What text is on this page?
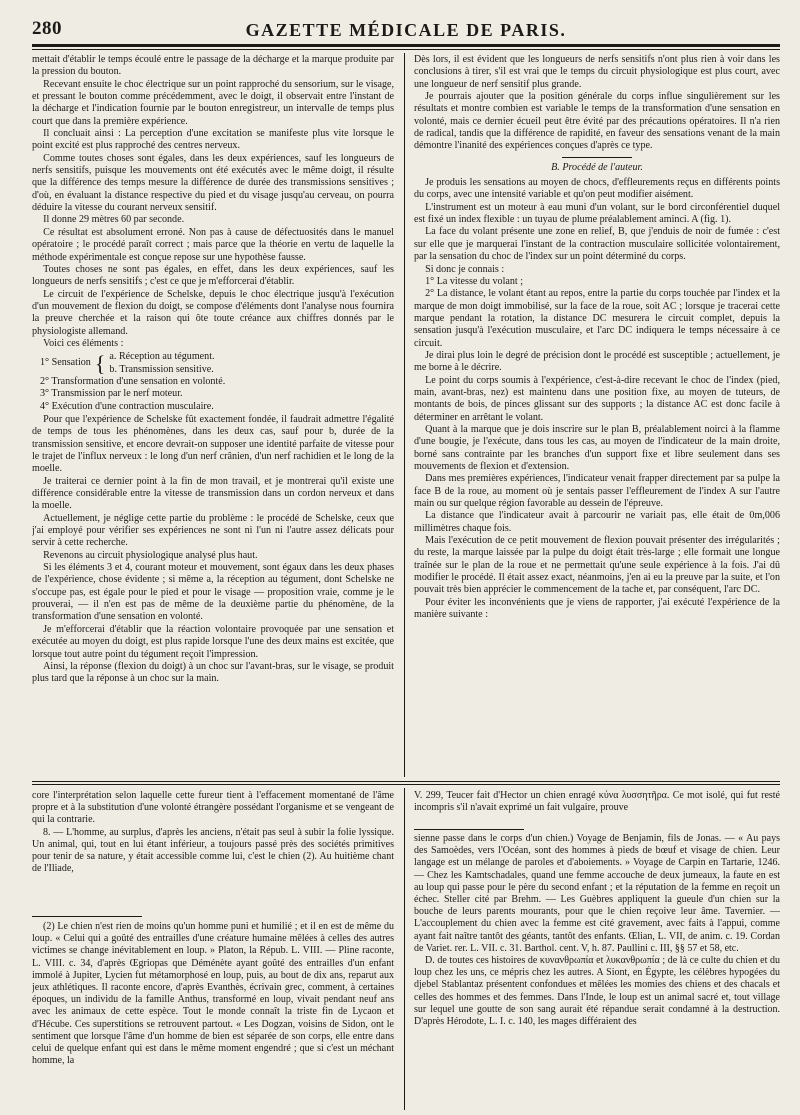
280	GAZETTE MÉDICALE DE PARIS.

mettait d'établir le temps écoulé entre le passage de la décharge et la marque produite par la pression du bouton.

Recevant ensuite le choc électrique sur un point rapproché du sensorium, sur le visage, et pressant le bouton comme précédemment, avec le doigt, il observait entre l'instant de la décharge et l'indication fournie par le bouton enregistreur, un intervalle de temps plus court que dans la première expérience.

Il concluait ainsi : La perception d'une excitation se manifeste plus vite lorsque le point excité est plus rapproché des centres nerveux.

Comme toutes choses sont égales, dans les deux expériences, sauf les longueurs de nerfs sensitifs, puisque les mouvements ont été exécutés avec le même doigt, il résulte que la différence des temps mesure la différence de durée des transmissions sensitives ; d'où, en évaluant la distance respective du pied et du visage jusqu'au cerveau, on pourra déduire la vitesse du courant nerveux sensitif.

Il donne 29 mètres 60 par seconde.

Ce résultat est absolument erroné. Non pas à cause de défectuosités dans le manuel opératoire ; le procédé paraît correct ; mais parce que la théorie en vertu de laquelle la méthode expérimentale est conçue repose sur une hypothèse fausse.

Toutes choses ne sont pas égales, en effet, dans les deux expériences, sauf les longueurs de nerfs sensitifs ; c'est ce que je m'efforcerai d'établir.

Le circuit de l'expérience de Schelske, depuis le choc électrique jusqu'à l'exécution d'un mouvement de flexion du doigt, se compose d'éléments dont l'analyse nous fournira la preuve cherchée et la raison qui ôte toute créance aux chiffres donnés par le physiologiste allemand.

Voici ces éléments :

1° Sensation { a. Réception au tégument.
b. Transmission sensitive.
2° Transformation d'une sensation en volonté.
3° Transmission par le nerf moteur.
4° Exécution d'une contraction musculaire.

Pour que l'expérience de Schelske fût exactement fondée, il faudrait admettre l'égalité de temps de tous les phénomènes, dans les deux cas, sauf pour b, durée de la transmission sensitive, et encore devrait-on supposer une identité parfaite de vitesse pour le trajet de l'influx nerveux : le long d'un nerf crânien, d'un nerf rachidien et le long de la moelle.

Je traiterai ce dernier point à la fin de mon travail, et je montrerai qu'il existe une différence considérable entre la vitesse de transmission dans un cordon nerveux et dans la moelle.

Actuellement, je néglige cette partie du problème : le procédé de Schelske, ceux que j'ai employé pour vérifier ses expériences ne sont ni l'un ni l'autre assez délicats pour servir à cette recherche.

Revenons au circuit physiologique analysé plus haut.

Si les éléments 3 et 4, courant moteur et mouvement, sont égaux dans les deux phases de l'expérience, chose évidente ; si même a, la réception au tégument, dont Schelske ne s'occupe pas, est égale pour le pied et pour le visage — proposition vraie, comme je le prouverai, — il n'en est pas de même de la deuxième partie du phénomène, de la transformation d'une sensation en volonté.

Je m'efforcerai d'établir que la réaction volontaire provoquée par une sensation et exécutée au moyen du doigt, est plus rapide lorsque l'une des deux mains est excitée, que lorsque tout autre point du tégument reçoit l'impression.

Ainsi, la réponse (flexion du doigt) à un choc sur l'avant-bras, sur le visage, se produit plus tard que la réponse à un choc sur la main.

Dès lors, il est évident que les longueurs de nerfs sensitifs n'ont plus rien à voir dans les conclusions à tirer, s'il est vrai que le temps du circuit physiologique est plus court, avec une longueur de nerf sensitif plus grande.

Je pourrais ajouter que la position générale du corps influe singulièrement sur les résultats et montre combien est variable le temps de la transformation d'une sensation en volonté, mais ce dernier écueil peut être évité par des précautions opératoires. Il n'a rien de radical, tandis que la différence de rapidité, en faveur des sensations venant de la main démontre l'inanité des expériences conçues d'après ce type.

B. Procédé de l'auteur.

Je produis les sensations au moyen de chocs, d'effleurements reçus en différents points du corps, avec une intensité variable et qu'on peut modifier aisément.

L'instrument est un moteur à eau muni d'un volant, sur le bord circonférentiel duquel est fixé un index flexible : un tuyau de plume préalablement aminci. A (fig. 1).

La face du volant présente une zone en relief, B, que j'enduis de noir de fumée : c'est sur elle que je marquerai l'instant de la contraction musculaire sollicitée volontairement, par la sensation du choc de l'index sur un point déterminé du corps.

Si donc je connais :

1° La vitesse du volant ;

2° La distance, le volant étant au repos, entre la partie du corps touchée par l'index et la marque de mon doigt immobilisé, sur la face de la roue, soit AC ; lorsque je tracerai cette marque pendant la rotation, la distance DC mesurera le circuit complet, depuis la sensation jusqu'à l'exécution musculaire, et l'arc DC indiquera le temps nécessaire à ce circuit.

Je dirai plus loin le degré de précision dont le procédé est susceptible ; actuellement, je me borne à le décrire.

Le point du corps soumis à l'expérience, c'est-à-dire recevant le choc de l'index (pied, main, avant-bras, nez) est maintenu dans une position fixe, au moyen de tuteurs, de montants de bois, de pinces glissant sur des supports ; la distance AC est donc facile à déterminer en arrêtant le volant.

Quant à la marque que je dois inscrire sur le plan B, préalablement noirci à la flamme d'une bougie, je l'exécute, dans tous les cas, au moyen de l'indicateur de la main droite, borné sans contrainte par les branches d'un support fixe et libre seulement dans ses mouvements de flexion et d'extension.

Dans mes premières expériences, l'indicateur venait frapper directement par sa pulpe la face B de la roue, au moment où je sentais passer l'effleurement de l'index A sur l'autre main ou sur quelque région favorable au dessein de l'épreuve.

La distance que l'indicateur avait à parcourir ne variait pas, elle était de 0m,006 millimètres chaque fois.

Mais l'exécution de ce petit mouvement de flexion pouvait présenter des irrégularités ; du reste, la marque laissée par la pulpe du doigt était très-large ; elle formait une longue traînée sur le plan de la roue et ne permettait qu'une seule expérience à la fois. J'ai dû modifier le procédé. Il était assez exact, néanmoins, j'en ai eu la preuve par la suite, et l'on pouvait très bien apprécier le commencement de la tache et, par conséquent, l'arc DC.

Pour éviter les inconvénients que je viens de rapporter, j'ai exécuté l'expérience de la manière suivante :

core l'interprétation selon laquelle cette fureur tient à l'effacement momentané de l'âme propre et à la substitution d'une volonté étrangère possédant l'organisme et se vengeant de qui la contrarie.

8. — L'homme, au surplus, d'après les anciens, n'était pas seul à subir la folie lyssique. Un animal, qui, tout en lui étant inférieur, a toujours passé près des sociétés primitives pour tenir de sa nature, y était accessible comme lui, c'est le chien (2). Au huitième chant de l'Iliade,

(2) Le chien n'est rien de moins qu'un homme puni et humilié ; et il en est de même du loup. « Celui qui a goûté des entrailles d'une créature humaine mêlées à celles des autres victimes se change inévitablement en loup. » Platon, la Répub. L. VIII. — Pline raconte, L. VIII. c. 34, d'après Œgriopas que Déménète ayant goûté des entrailles d'un enfant immolé à Jupiter, Lycien fut métamorphosé en loup, puis, au bout de dix ans, reparut aux jeux athlétiques. Il raconte encore, d'après Evanthès, écrivain grec, comment, à certaines époques, un individu de la famille Anthus, transformé en loup, vivait pendant neuf ans avec les animaux de cette espèce. Tout le monde connaît la triste fin de Lycaon et d'Hécube. Ces superstitions se retrouvent partout. « Les Dogzan, voisins de Sidon, ont le sentiment que lorsque l'âme d'un homme de bien est séparée de son corps, elle entre dans celui de quelque enfant qui est dans le même moment engendré ; que si c'est un méchant homme, la

V. 299, Teucer fait d'Hector un chien enragé κύνα λυσσητῆρα. Ce mot isolé, qui fut resté incompris s'il n'avait exprimé un fait vulgaire, prouve

sienne passe dans le corps d'un chien.) Voyage de Benjamin, fils de Jonas. — « Au pays des Samoèdes, vers l'Océan, sont des hommes à pieds de bœuf et visage de chien. Leur langage est un mélange de paroles et d'aboiements. » Voyage de Carpin en Tartarie, 1246. — Chez les Kamtschadales, quand une femme accouche de deux jumeaux, la faute en est au loup qui passe pour le père du second enfant ; et la réputation de la femme en reçoit un échec. Steller cité par Brehm. — Les Guèbres appliquent la gueule d'un chien sur la bouche de leurs parents mourants, pour que le chien reçoive leur âme. Tavernier. — L'accouplement du chien avec la femme est cité gravement, avec faits à l'appui, comme ayant fait naître tantôt des géants, tantôt des enfants. Œlian, L. VII, de anim. c. 19. Cordan de Variet. rer. L. VII. c. 31. Barthol. cent. V, h. 87. Paullini c. III, §§ 57 et 58, etc.

D. de toutes ces histoires de κυνανθρωπία et λυκανθρωπία ; de là ce culte du chien et du loup chez les uns, ce mépris chez les autres. A Siont, en Égypte, les célèbres hypogées du djebel Stablantaz présentent confondues et mêlées les momies des chiens et des chacals et celles des hommes et des femmes. Dans l'Inde, le loup est un animal sacré et, tout village sur lequel une goutte de son sang aurait été répandue serait condamné à la destruction. D'après Hérodote, L. I. c. 140, les mages différaient des
